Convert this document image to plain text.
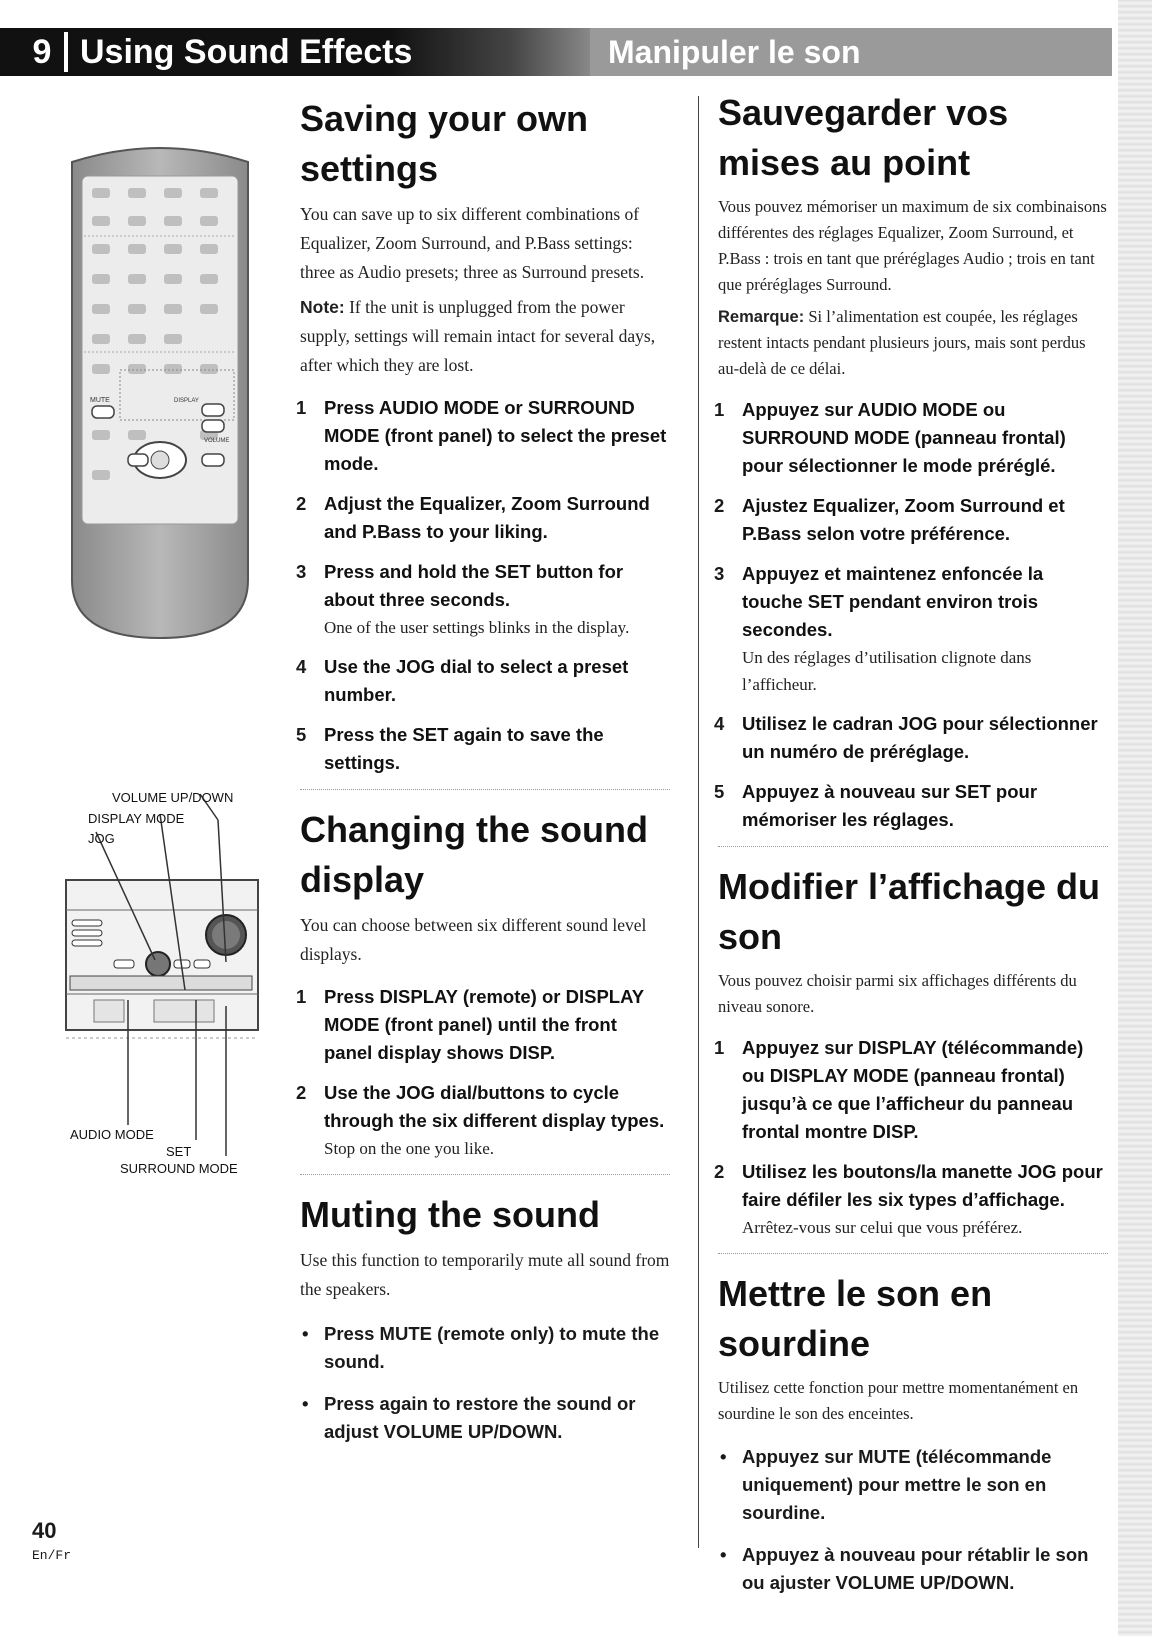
9 Using Sound Effects	Manipuler le son
MUTE	DISPLAY
VOLUME
VOLUME UP/DOWN
DISPLAY MODE
JOG
AUDIO MODE
SET
SURROUND MODE
Saving your own settings

You can save up to six different combinations of Equalizer, Zoom Surround, and P.Bass settings: three as Audio presets; three as Surround presets.

Note: If the unit is unplugged from the power supply, settings will remain intact for several days, after which they are lost.

1 Press AUDIO MODE or SURROUND MODE (front panel) to select the preset mode.
2 Adjust the Equalizer, Zoom Surround and P.Bass to your liking.
3 Press and hold the SET button for about three seconds.
One of the user settings blinks in the display.
4 Use the JOG dial to select a preset number.
5 Press the SET again to save the settings.
Changing the sound display

You can choose between six different sound level displays.

1 Press DISPLAY (remote) or DISPLAY MODE (front panel) until the front panel display shows DISP.
2 Use the JOG dial/buttons to cycle through the six different display types.
Stop on the one you like.
Muting the sound

Use this function to temporarily mute all sound from the speakers.

• Press MUTE (remote only) to mute the sound.
• Press again to restore the sound or adjust VOLUME UP/DOWN.
Sauvegarder vos mises au point

Vous pouvez mémoriser un maximum de six combinaisons différentes des réglages Equalizer, Zoom Surround, et P.Bass : trois en tant que préréglages Audio ; trois en tant que préréglages Surround.

Remarque: Si l’alimentation est coupée, les réglages restent intacts pendant plusieurs jours, mais sont perdus au-delà de ce délai.

1 Appuyez sur AUDIO MODE ou SURROUND MODE (panneau frontal) pour sélectionner le mode préréglé.
2 Ajustez Equalizer, Zoom Surround et P.Bass selon votre préférence.
3 Appuyez et maintenez enfoncée la touche SET pendant environ trois secondes.
Un des réglages d’utilisation clignote dans l’afficheur.
4 Utilisez le cadran JOG pour sélectionner un numéro de préréglage.
5 Appuyez à nouveau sur SET pour mémoriser les réglages.
Modifier l’affichage du son

Vous pouvez choisir parmi six affichages différents du niveau sonore.

1 Appuyez sur DISPLAY (télécommande) ou DISPLAY MODE (panneau frontal) jusqu’à ce que l’afficheur du panneau frontal montre DISP.
2 Utilisez les boutons/la manette JOG pour faire défiler les six types d’affichage.
Arrêtez-vous sur celui que vous préférez.
Mettre le son en sourdine

Utilisez cette fonction pour mettre momentanément en sourdine le son des enceintes.

• Appuyez sur MUTE (télécommande uniquement) pour mettre le son en sourdine.
• Appuyez à nouveau pour rétablir le son ou ajuster VOLUME UP/DOWN.
40
En/Fr
